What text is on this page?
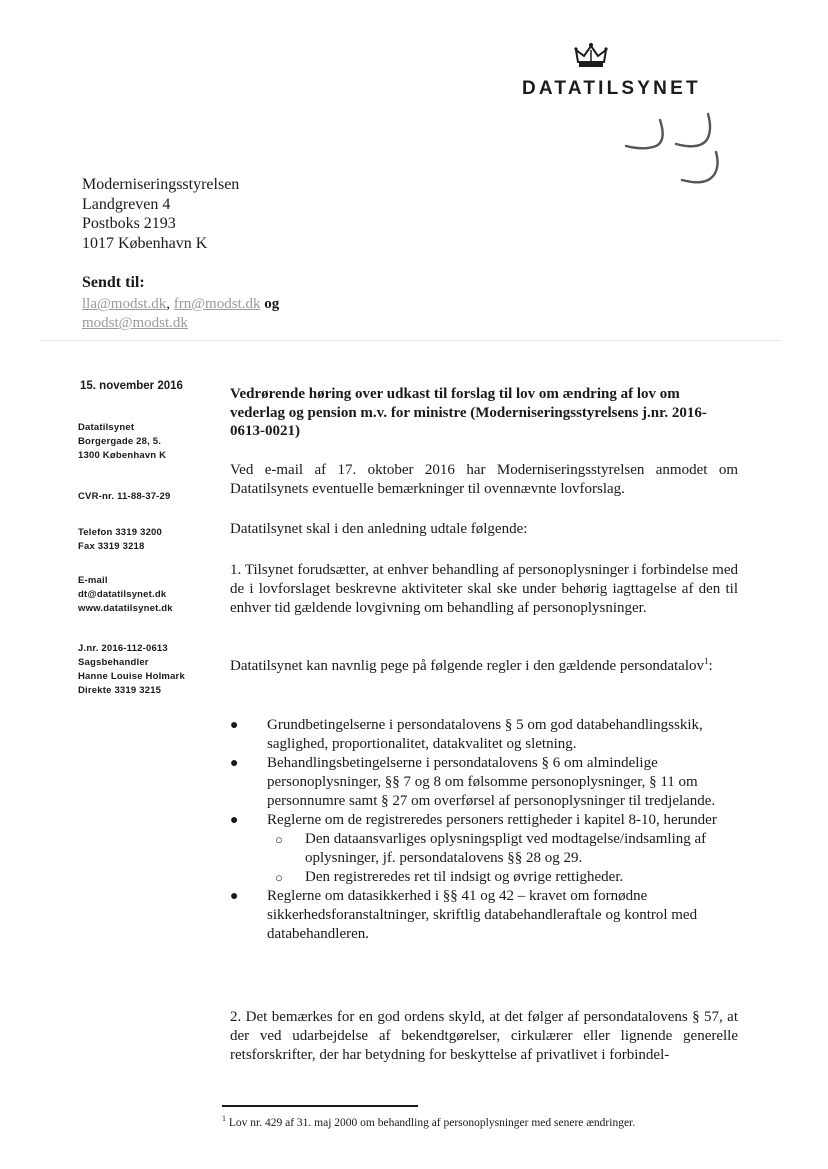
DATATILSYNET
Moderniseringsstyrelsen
Landgreven 4
Postboks 2193
1017 København K
Sendt til:
lla@modst.dk, frn@modst.dk og
modst@modst.dk
15. november 2016
Datatilsynet
Borgergade 28, 5.
1300 København K
CVR-nr. 11-88-37-29
Telefon 3319 3200
Fax 3319 3218
E-mail
dt@datatilsynet.dk
www.datatilsynet.dk
J.nr. 2016-112-0613
Sagsbehandler
Hanne Louise Holmark
Direkte 3319 3215
Vedrørende høring over udkast til forslag til lov om ændring af lov om vederlag og pension m.v. for ministre (Moderniseringsstyrelsens j.nr. 2016-0613-0021)
Ved e-mail af 17. oktober 2016 har Moderniseringsstyrelsen anmodet om Datatilsynets eventuelle bemærkninger til ovennævnte lovforslag.
Datatilsynet skal i den anledning udtale følgende:
1. Tilsynet forudsætter, at enhver behandling af personoplysninger i forbindelse med de i lovforslaget beskrevne aktiviteter skal ske under behørig iagttagelse af den til enhver tid gældende lovgivning om behandling af personoplysninger.
Datatilsynet kan navnlig pege på følgende regler i den gældende persondatalov$^1$:
● Grundbetingelserne i persondatalovens § 5 om god databehandlingsskik, saglighed, proportionalitet, datakvalitet og sletning.
● Behandlingsbetingelserne i persondatalovens § 6 om almindelige personoplysninger, §§ 7 og 8 om følsomme personoplysninger, § 11 om personnumre samt § 27 om overførsel af personoplysninger til tredjelande.
● Reglerne om de registreredes personers rettigheder i kapitel 8-10, herunder
○ Den dataansvarliges oplysningspligt ved modtagelse/indsamling af oplysninger, jf. persondatalovens §§ 28 og 29.
○ Den registreredes ret til indsigt og øvrige rettigheder.
● Reglerne om datasikkerhed i §§ 41 og 42 – kravet om fornødne sikkerhedsforanstaltninger, skriftlig databehandleraftale og kontrol med databehandleren.
2. Det bemærkes for en god ordens skyld, at det følger af persondatalovens § 57, at der ved udarbejdelse af bekendtgørelser, cirkulærer eller lignende generelle retsforskrifter, der har betydning for beskyttelse af privatlivet i forbindel-
$^1$ Lov nr. 429 af 31. maj 2000 om behandling af personoplysninger med senere ændringer.
